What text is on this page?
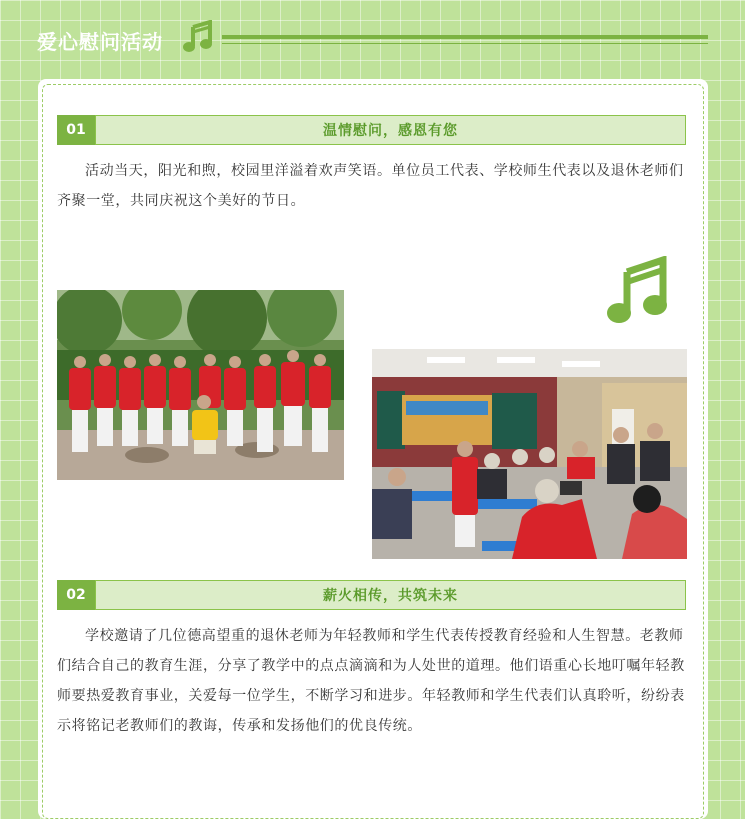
爱心慰问活动
01	温情慰问，感恩有您

活动当天，阳光和煦，校园里洋溢着欢声笑语。单位员工代表、学校师生代表以及退休老师们齐聚一堂，共同庆祝这个美好的节日。

02	薪火相传，共筑未来

学校邀请了几位德高望重的退休老师为年轻教师和学生代表传授教育经验和人生智慧。老教师们结合自己的教育生涯，分享了教学中的点点滴滴和为人处世的道理。他们语重心长地叮嘱年轻教师要热爱教育事业，关爱每一位学生，不断学习和进步。年轻教师和学生代表们认真聆听，纷纷表示将铭记老教师们的教诲，传承和发扬他们的优良传统。
